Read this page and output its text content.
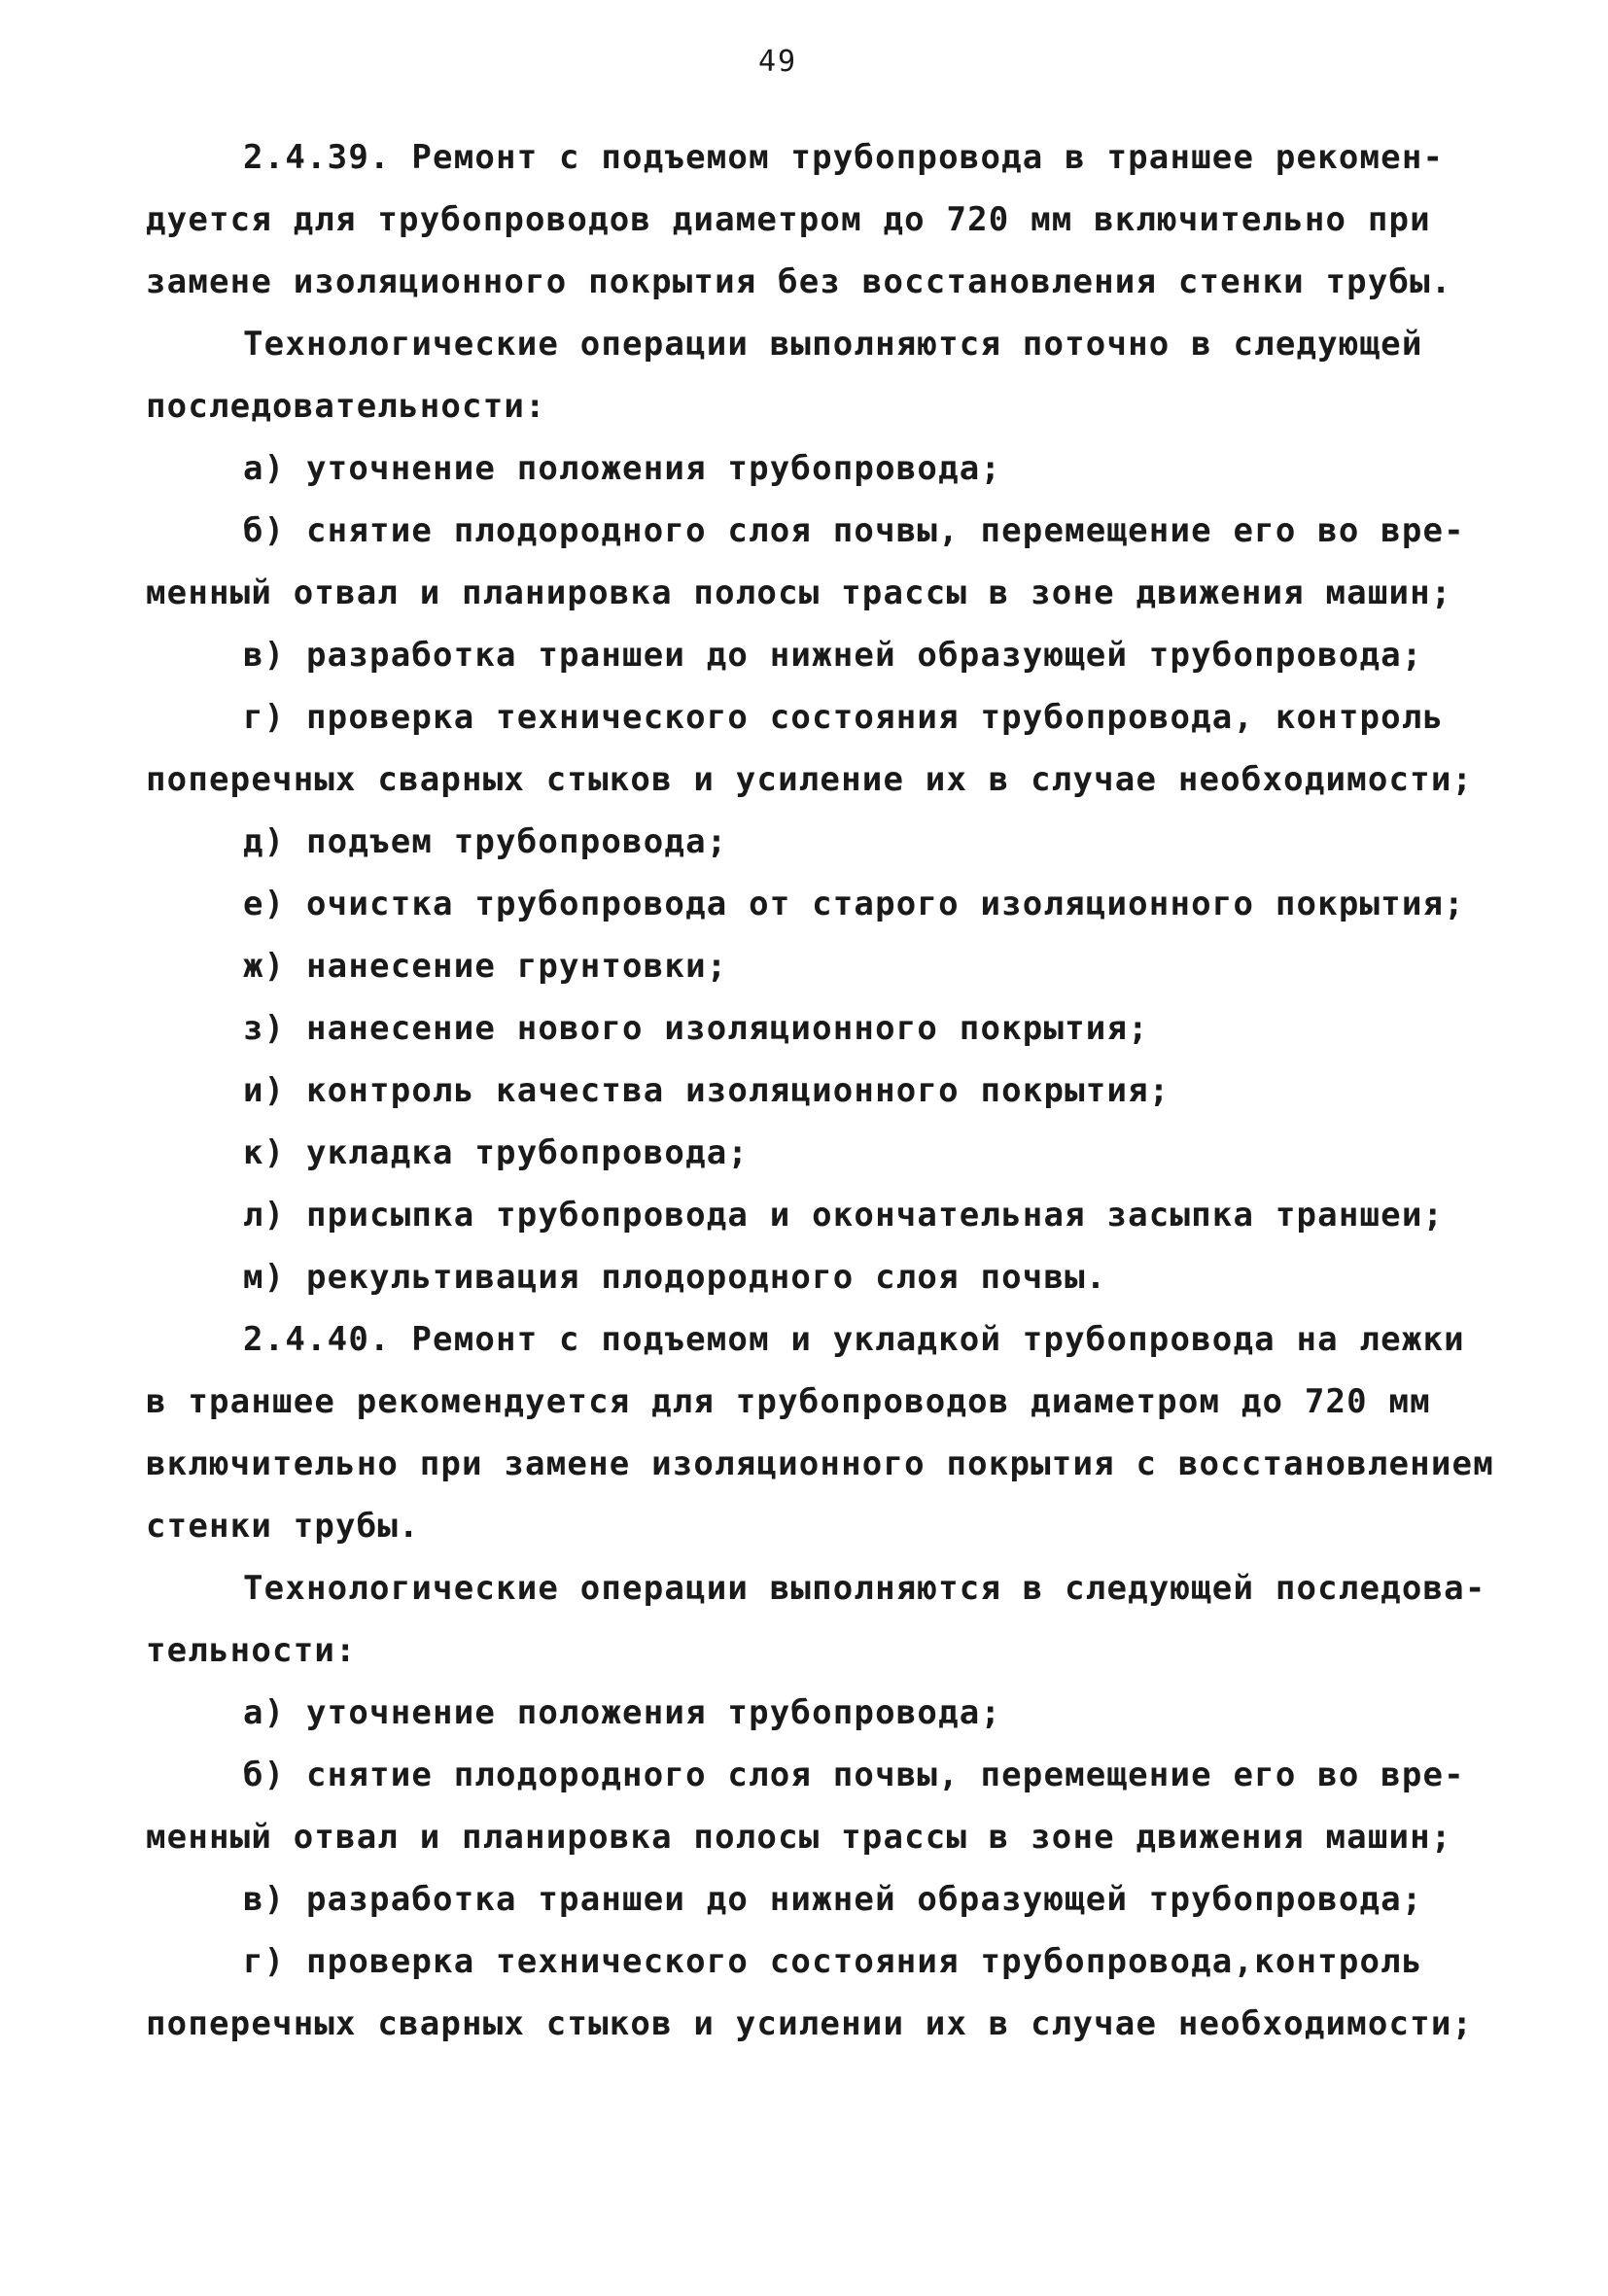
49
2.4.39. Ремонт с подъемом трубопровода в траншее рекомен-
дуется для трубопроводов диаметром до 720 мм включительно при
замене изоляционного покрытия без восстановления стенки трубы.
Технологические операции выполняются поточно в следующей
последовательности:
а) уточнение положения трубопровода;
б) снятие плодородного слоя почвы, перемещение его во вре-
менный отвал и планировка полосы трассы в зоне движения машин;
в) разработка траншеи до нижней образующей трубопровода;
г) проверка технического состояния трубопровода, контроль
поперечных сварных стыков и усиление их в случае необходимости;
д) подъем трубопровода;
е) очистка трубопровода от старого изоляционного покрытия;
ж) нанесение грунтовки;
з) нанесение нового изоляционного покрытия;
и) контроль качества изоляционного покрытия;
к) укладка трубопровода;
л) присыпка трубопровода и окончательная засыпка траншеи;
м) рекультивация плодородного слоя почвы.
2.4.40. Ремонт с подъемом и укладкой трубопровода на лежки
в траншее рекомендуется для трубопроводов диаметром до 720 мм
включительно при замене изоляционного покрытия с восстановлением
стенки трубы.
Технологические операции выполняются в следующей последова-
тельности:
а) уточнение положения трубопровода;
б) снятие плодородного слоя почвы, перемещение его во вре-
менный отвал и планировка полосы трассы в зоне движения машин;
в) разработка траншеи до нижней образующей трубопровода;
г) проверка технического состояния трубопровода,контроль
поперечных сварных стыков и усилении их в случае необходимости;
